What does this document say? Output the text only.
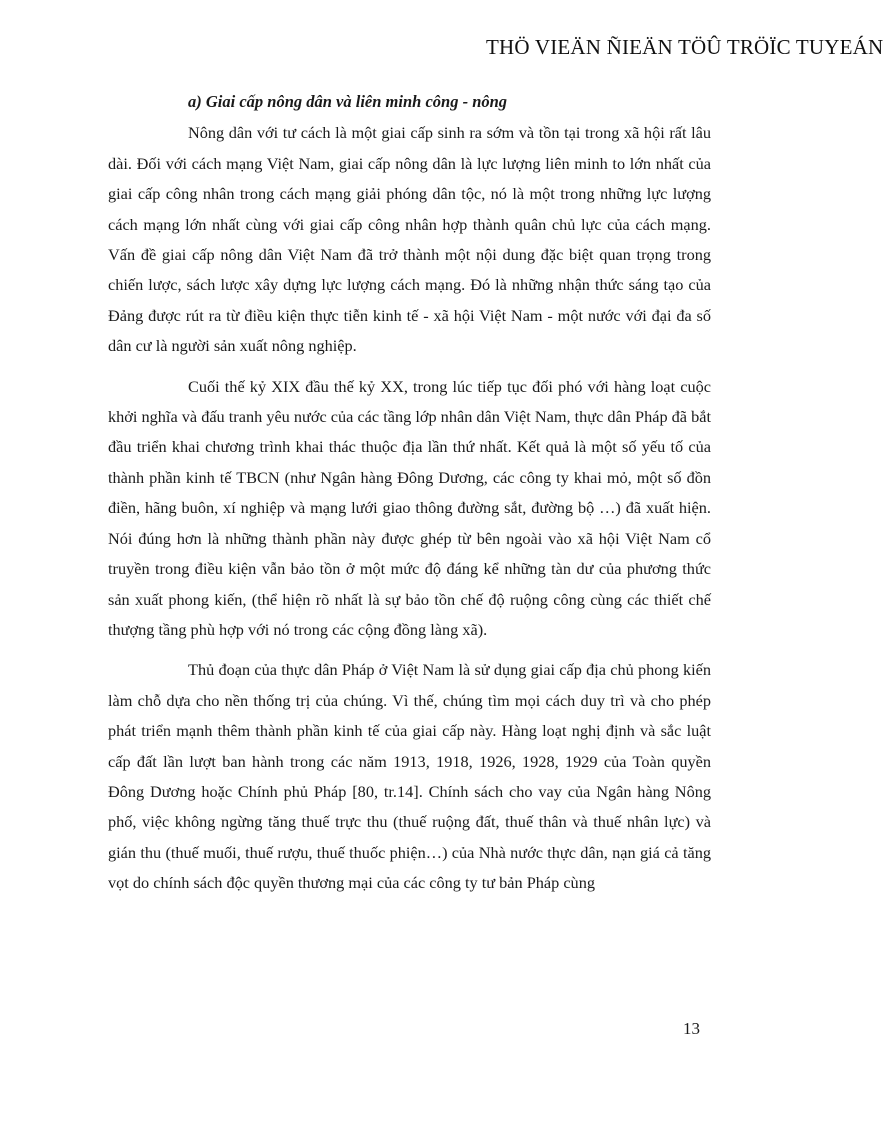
THÖ VIEÄN ÑIEÄN TÖÛ TRÖÏC TUYEÁN

a) Giai cấp nông dân và liên minh công - nông

Nông dân với tư cách là một giai cấp sinh ra sớm và tồn tại trong xã hội rất lâu dài. Đối với cách mạng Việt Nam, giai cấp nông dân là lực lượng liên minh to lớn nhất của giai cấp công nhân trong cách mạng giải phóng dân tộc, nó là một trong những lực lượng cách mạng lớn nhất cùng với giai cấp công nhân hợp thành quân chủ lực của cách mạng. Vấn đề giai cấp nông dân Việt Nam đã trở thành một nội dung đặc biệt quan trọng trong chiến lược, sách lược xây dựng lực lượng cách mạng. Đó là những nhận thức sáng tạo của Đảng được rút ra từ điều kiện thực tiễn kinh tế - xã hội Việt Nam - một nước với đại đa số dân cư là người sản xuất nông nghiệp.

Cuối thế kỷ XIX đầu thế kỷ XX, trong lúc tiếp tục đối phó với hàng loạt cuộc khởi nghĩa và đấu tranh yêu nước của các tầng lớp nhân dân Việt Nam, thực dân Pháp đã bắt đầu triển khai chương trình khai thác thuộc địa lần thứ nhất. Kết quả là một số yếu tố của thành phần kinh tế TBCN (như Ngân hàng Đông Dương, các công ty khai mỏ, một số đồn điền, hãng buôn, xí nghiệp và mạng lưới giao thông đường sắt, đường bộ …) đã xuất hiện. Nói đúng hơn là những thành phần này được ghép từ bên ngoài vào xã hội Việt Nam cổ truyền trong điều kiện vẫn bảo tồn ở một mức độ đáng kể những tàn dư của phương thức sản xuất phong kiến, (thể hiện rõ nhất là sự bảo tồn chế độ ruộng công cùng các thiết chế thượng tầng phù hợp với nó trong các cộng đồng làng xã).

Thủ đoạn của thực dân Pháp ở Việt Nam là sử dụng giai cấp địa chủ phong kiến làm chỗ dựa cho nền thống trị của chúng. Vì thế, chúng tìm mọi cách duy trì và cho phép phát triển mạnh thêm thành phần kinh tế của giai cấp này. Hàng loạt nghị định và sắc luật cấp đất lần lượt ban hành trong các năm 1913, 1918, 1926, 1928, 1929 của Toàn quyền Đông Dương hoặc Chính phủ Pháp [80, tr.14]. Chính sách cho vay của Ngân hàng Nông phố, việc không ngừng tăng thuế trực thu (thuế ruộng đất, thuế thân và thuế nhân lực) và gián thu (thuế muối, thuế rượu, thuế thuốc phiện…) của Nhà nước thực dân, nạn giá cả tăng vọt do chính sách độc quyền thương mại của các công ty tư bản Pháp cùng

13
